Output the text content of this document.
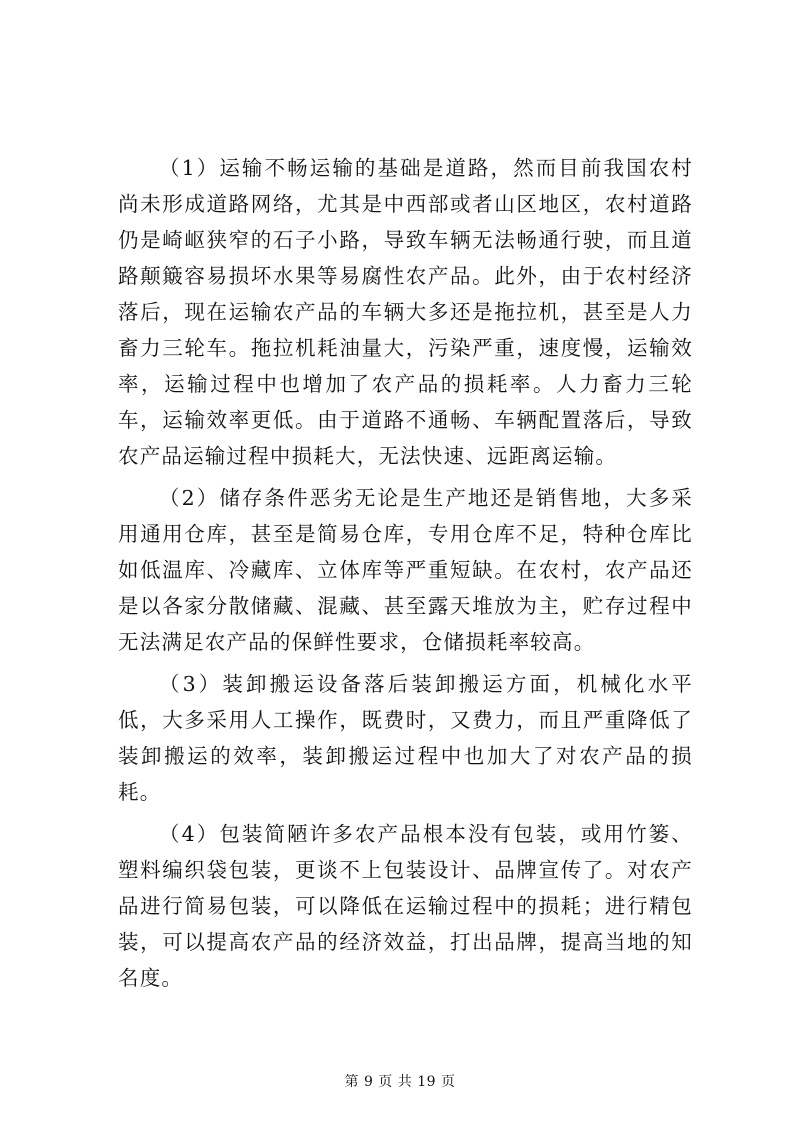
（1）运输不畅运输的基础是道路，然而目前我国农村尚未形成道路网络，尤其是中西部或者山区地区，农村道路仍是崎岖狭窄的石子小路，导致车辆无法畅通行驶，而且道路颠簸容易损坏水果等易腐性农产品。此外，由于农村经济落后，现在运输农产品的车辆大多还是拖拉机，甚至是人力畜力三轮车。拖拉机耗油量大，污染严重，速度慢，运输效率，运输过程中也增加了农产品的损耗率。人力畜力三轮车，运输效率更低。由于道路不通畅、车辆配置落后，导致农产品运输过程中损耗大，无法快速、远距离运输。

（2）储存条件恶劣无论是生产地还是销售地，大多采用通用仓库，甚至是简易仓库，专用仓库不足，特种仓库比如低温库、冷藏库、立体库等严重短缺。在农村，农产品还是以各家分散储藏、混藏、甚至露天堆放为主，贮存过程中无法满足农产品的保鲜性要求，仓储损耗率较高。

（3）装卸搬运设备落后装卸搬运方面，机械化水平低，大多采用人工操作，既费时，又费力，而且严重降低了装卸搬运的效率，装卸搬运过程中也加大了对农产品的损耗。

（4）包装简陋许多农产品根本没有包装，或用竹篓、塑料编织袋包装，更谈不上包装设计、品牌宣传了。对农产品进行简易包装，可以降低在运输过程中的损耗；进行精包装，可以提高农产品的经济效益，打出品牌，提高当地的知名度。

第 9 页 共 19 页
